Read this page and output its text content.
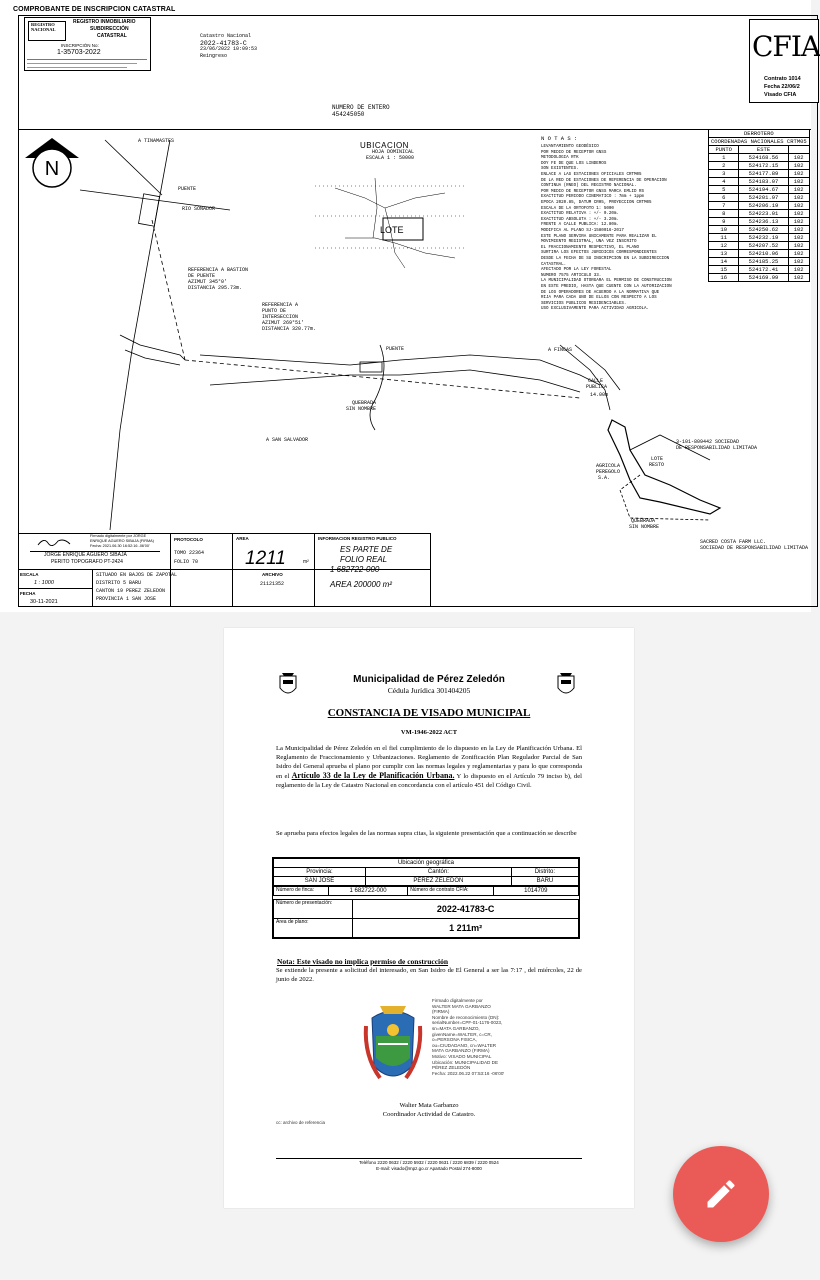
COMPROBANTE DE INSCRIPCION CATASTRAL
REGISTRO
NACIONAL
REGISTRO INMOBILIARIO
SUBDIRECCIÓN
CATASTRAL
INSCRIPCIÓN No:
1-35703-2022
Catastro Nacional
2022-41783-C
23/06/2022 10:09:53
Reingreso	CFIA
Contrato 1014
Fecha 22/06/2
Visado CFIA
NUMERO DE ENTERO
454245050
N
UBICACION
HOJA DOMINICAL
ESCALA 1 : 50000
LOTE
N O T A S :
LEVANTAMIENTO GEODÉSICO
POR MEDIO DE RECEPTOR GNSS
METODOLOGIA RTK
DOY FE DE QUE LOS LINDEROS
SON EXISTENTES.
ENLACE A LAS ESTACIONES OFICIALES CRTM05
DE LA RED DE ESTACIONES DE REFERENCIA DE OPERACION
CONTINUA (RNEO) DEL REGISTRO NACIONAL.
POR MEDIO DE RECEPTOR GNSS MARCA EMLID RS
EXACTITUD PERIODO CINEMATICO : 7mm + 1ppm
EPOCA 2020.85, DATUM CR05, PROYECCION CRTM05
ESCALA DE LA ORTOFOTO 1: 5000
EXACTITUD RELATIVA : +/- 0.20m.
EXACTITUD ABSOLUTA : +/- 3.20m.
FRENTE A CALLE PUBLICA: 12.80m.
MODIFICA AL PLANO SJ-1580016-2017
ESTE PLANO SERVIRA UNICAMENTE PARA REALIZAR EL
MOVIMIENTO REGISTRAL, UNA VEZ INSCRITO
EL FRACCIONAMIENTO RESPECTIVO, EL PLANO
SURTIRA LOS EFECTOS JURIDICOS CORRESPONDIENTES
DESDE LA FECHA DE SU INSCRIPCION EN LA SUBDIRECCION
CATASTRAL.
AFECTADO POR LA LEY FORESTAL
NUMERO 7575 ARTICULO 33.
LA MUNICIPALIDAD OTORGARA EL PERMISO DE CONSTRUCCION
EN ESTE PREDIO, HASTA QUE CUENTE CON LA AUTORIZACION
DE LOS OPERADORES DE ACUERDO A LA NORMATIVA QUE
RIJA PARA CADA UNO DE ELLOS CON RESPECTO A LOS
SERVICIOS PUBLICOS RESIDENCIABLES.
USO EXCLUSIVAMENTE PARA ACTIVIDAD AGRICOLA.
DERROTERO		
COORDENADAS NACIONALES CRTM05		
PUNTO	ESTE	
1	524168.56	102
2	524172.15	102
3	524177.89	102
4	524183.07	102
5	524194.67	102
6	524201.97	102
7	524206.19	102
8	524223.01	102
9	524236.13	102
10	524250.62	102
11	524232.19	102
12	524207.52	102
13	524210.06	102
14	524185.25	102
15	524172.41	102
16	524169.99	102
A TINAMASTES
PUENTE
RIO SONADOR
REFERENCIA A BASTION
DE PUENTE
AZIMUT 345°0'
DISTANCIA 295.73m.
REFERENCIA A
PUNTO DE
INTERSECCION
AZIMUT 269°51'
DISTANCIA 320.77m.
PUENTE
QUEBRADA
SIN NOMBRE
A SAN SALVADOR
A FINCAS
CALLE
PUBLICA
14.00m
3-101-809442 SOCIEDAD
DE RESPONSABILIDAD LIMITADA
AGRICOLA
PEREGOLO
S.A.
LOTE
RESTO
QUEBRADA
SIN NOMBRE
SACRED COSTA FARM LLC.
SOCIEDAD DE RESPONSABILIDAD LIMITADA
Firmado digitalmente por JORGE
ENRIQUE AGUERO SIBAJA (FIRMA)
Fecha: 2021.06.30 16:52:16 -06'00'
JORGE ENRIQUE AGUERO SIBAJA
PERITO TOPOGRAFO PT-2424
PROTOCOLO
TOMO 22364
FOLIO 70
AREA
1211	m²
INFORMACION REGISTRO PUBLICO
ES PARTE DE
FOLIO REAL
1 682722-000
AREA 200000 m²
ESCALA
1 : 1000
FECHA
30-11-2021
SITUADO EN BAJOS DE ZAPOTAL
DISTRITO 5 BARU
CANTON 19 PEREZ ZELEDON
PROVINCIA 1 SAN JOSE
ARCHIVO
21121352
Municipalidad de Pérez Zeledón
Cédula Jurídica 301404205
CONSTANCIA DE VISADO MUNICIPAL
VM-1946-2022 ACT
La Municipalidad de Pérez Zeledón en el fiel cumplimiento de lo dispuesto en la Ley de Planificación Urbana. El Reglamento de Fraccionamiento y Urbanizaciones. Reglamento de Zonificación Plan Regulador Parcial de San Isidro del General aprueba el plano por cumplir con las normas legales y reglamentarias y para lo que corresponda en el Artículo 33 de la Ley de Planificación Urbana. Y lo dispuesto en el Artículo 79 inciso b), del reglamento de la Ley de Catastro Nacional en concordancia con el artículo 451 del Código Civil.
Se aprueba para efectos legales de las normas supra citas, la siguiente presentación que a continuación se describe
Ubicación geográfica		
Provincia:	Cantón:	Distrito:
SAN JOSE	PÉREZ ZELEDÓN	BARU
Número de finca:	1 682722-000	Número de contrato CFIA:	1014709
Número de presentación:	2022-41783-C
Área de plano:	1 211m²
Nota: Este visado no implica permiso de construcción
Se extiende la presente a solicitud del interesado, en San Isidro de El General a ser las 7:17 , del miércoles, 22 de junio de 2022.
Firmado digitalmente por
WALTER MATA GARBANZO
(FIRMA)
Nombre de reconocimiento (DN):
serialNumber=CPF-01-1176-0023,
sn=MATA GARBANZO,
givenName=WALTER, c=CR,
o=PERSONA FISICA,
ou=CIUDADANO, cn=WALTER
MATA GARBANZO (FIRMA)
Motivo: VISADO MUNICIPAL
Ubicación: MUNICIPALIDAD DE
PÉREZ ZELEDÓN
Fecha: 2022.06.22 07:53:16 -06'00'
Walter Mata Garbanzo
Coordinador Actividad de Catastro.
cc: archivo de referencia
Teléfono 2220 0632 / 2220 5932 / 2220 0631 / 2220 6839 / 2220 0524
E-mail: visado@mpz.go.cr Apartado Postal 274-8000
